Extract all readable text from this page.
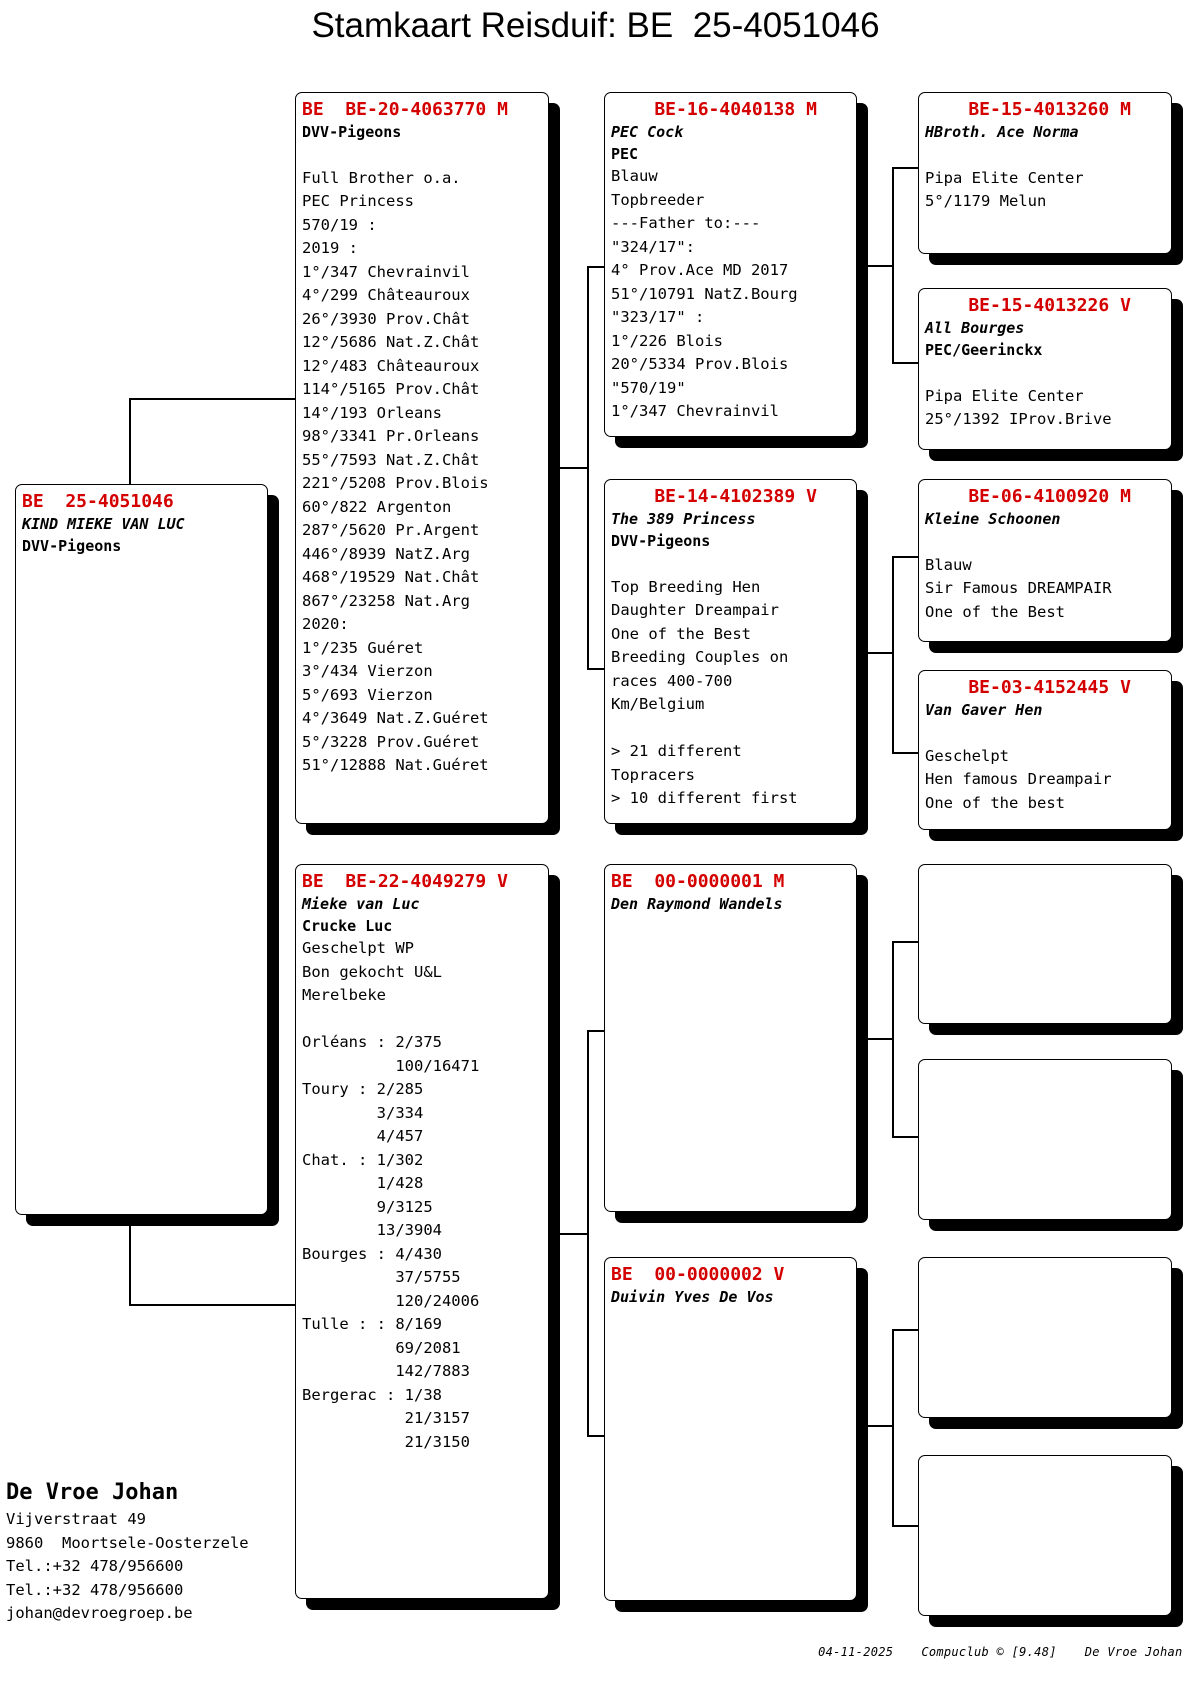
Stamkaart Reisduif: BE  25-4051046
BE  25-4051046
KIND MIEKE VAN LUC
DVV-Pigeons
BE  BE-20-4063770 M
DVV-Pigeons
Full Brother o.a.
PEC Princess
570/19 :
2019 :
1°/347 Chevrainvil
4°/299 Châteauroux
26°/3930 Prov.Chât
12°/5686 Nat.Z.Chât
12°/483 Châteauroux
114°/5165 Prov.Chât
14°/193 Orleans
98°/3341 Pr.Orleans
55°/7593 Nat.Z.Chât
221°/5208 Prov.Blois
60°/822 Argenton
287°/5620 Pr.Argent
446°/8939 NatZ.Arg
468°/19529 Nat.Chât
867°/23258 Nat.Arg
2020:
1°/235 Guéret
3°/434 Vierzon
5°/693 Vierzon
4°/3649 Nat.Z.Guéret
5°/3228 Prov.Guéret
51°/12888 Nat.Guéret
BE  BE-22-4049279 V
Mieke van Luc
Crucke Luc
Geschelpt WP
Bon gekocht U&L
Merelbeke
Orléans : 2/375
100/16471
Toury : 2/285
3/334
4/457
Chat. : 1/302
1/428
9/3125
13/3904
Bourges : 4/430
37/5755
120/24006
Tulle : : 8/169
69/2081
142/7883
Bergerac : 1/38
21/3157
21/3150
BE-16-4040138 M
PEC Cock
PEC
Blauw
Topbreeder
---Father to:---
"324/17":
4° Prov.Ace MD 2017
51°/10791 NatZ.Bourg
"323/17" :
1°/226 Blois
20°/5334 Prov.Blois
"570/19"
1°/347 Chevrainvil
BE-14-4102389 V
The 389 Princess
DVV-Pigeons
Top Breeding Hen
Daughter Dreampair
One of the Best
Breeding Couples on
races 400-700
Km/Belgium
> 21 different
Topracers
> 10 different first
BE  00-0000001 M
Den Raymond Wandels
BE  00-0000002 V
Duivin Yves De Vos
BE-15-4013260 M
HBroth. Ace Norma
Pipa Elite Center
5°/1179 Melun
BE-15-4013226 V
All Bourges
PEC/Geerinckx
Pipa Elite Center
25°/1392 IProv.Brive
BE-06-4100920 M
Kleine Schoonen
Blauw
Sir Famous DREAMPAIR
One of the Best
BE-03-4152445 V
Van Gaver Hen
Geschelpt
Hen famous Dreampair
One of the best
De Vroe Johan
Vijverstraat 49
9860  Moortsele-Oosterzele
Tel.:+32 478/956600
Tel.:+32 478/956600
johan@devroegroep.be

04-11-2025 Compuclub © [9.48] De Vroe Johan
